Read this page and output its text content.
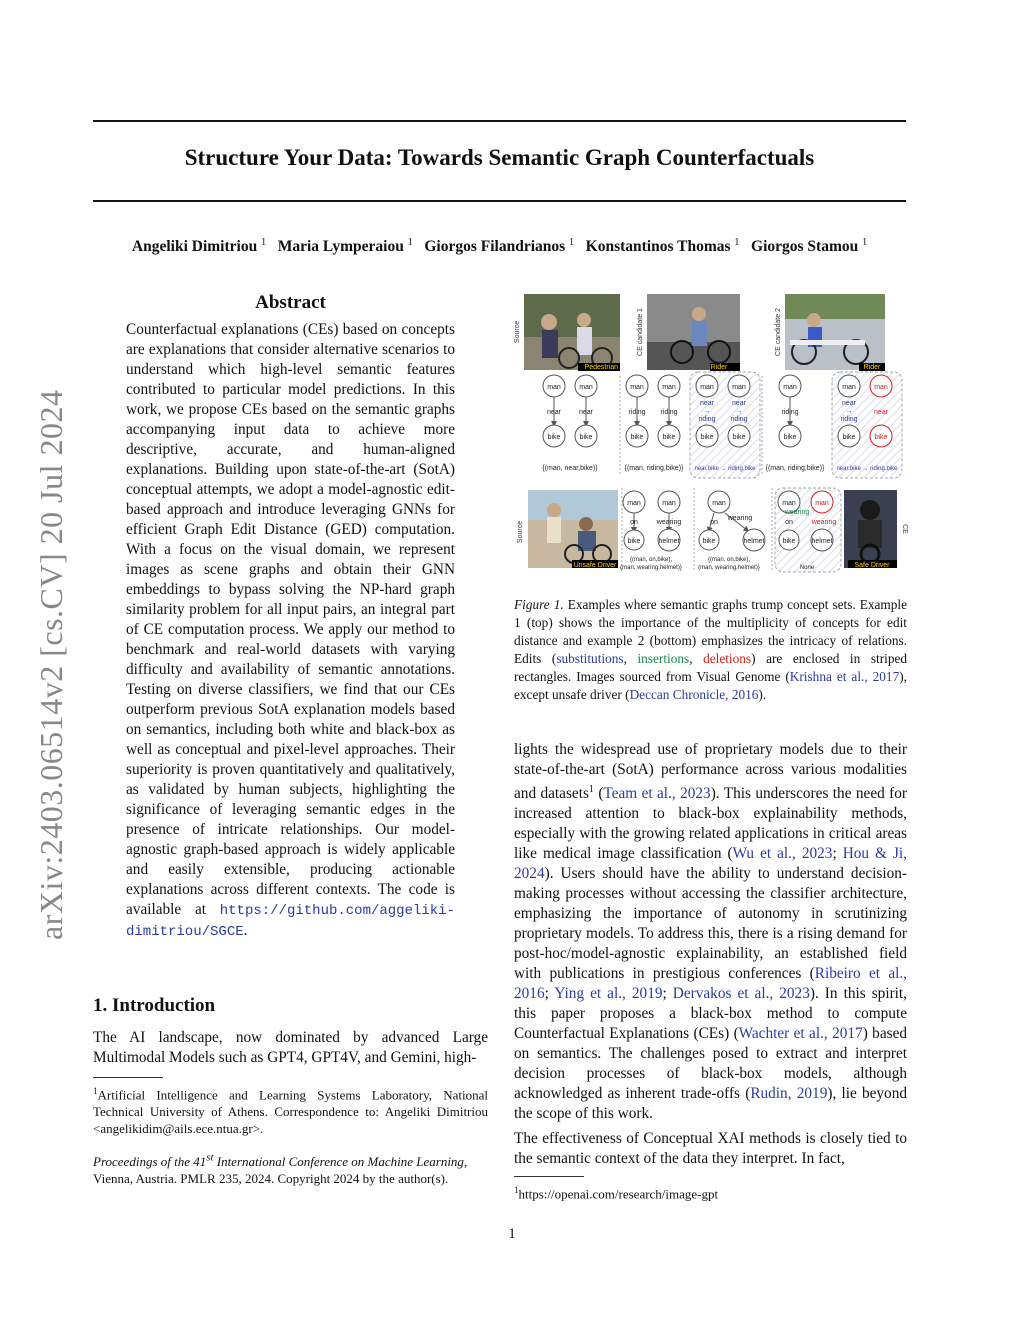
Structure Your Data: Towards Semantic Graph Counterfactuals
Angeliki Dimitriou $^1$ Maria Lymperaiou $^1$ Giorgos Filandrianos $^1$ Konstantinos Thomas $^1$ Giorgos Stamou $^1$
arXiv:2403.06514v2 [cs.CV] 20 Jul 2024
Abstract
Counterfactual explanations (CEs) based on concepts are explanations that consider alternative scenarios to understand which high-level semantic features contributed to particular model predictions. In this work, we propose CEs based on the semantic graphs accompanying input data to achieve more descriptive, accurate, and human-aligned explanations. Building upon state-of-the-art (SotA) conceptual attempts, we adopt a model-agnostic edit-based approach and introduce leveraging GNNs for efficient Graph Edit Distance (GED) computation. With a focus on the visual domain, we represent images as scene graphs and obtain their GNN embeddings to bypass solving the NP-hard graph similarity problem for all input pairs, an integral part of CE computation process. We apply our method to benchmark and real-world datasets with varying difficulty and availability of semantic annotations. Testing on diverse classifiers, we find that our CEs outperform previous SotA explanation models based on semantics, including both white and black-box as well as conceptual and pixel-level approaches. Their superiority is proven quantitatively and qualitatively, as validated by human subjects, highlighting the significance of leveraging semantic edges in the presence of intricate relationships. Our model-agnostic graph-based approach is widely applicable and easily extensible, producing actionable explanations across different contexts. The code is available at https://github.com/aggeliki-dimitriou/SGCE.
1. Introduction
The AI landscape, now dominated by advanced Large Multimodal Models such as GPT4, GPT4V, and Gemini, high-
$^1$Artificial Intelligence and Learning Systems Laboratory, National Technical University of Athens. Correspondence to: Angeliki Dimitriou <angelikidim@ails.ece.ntua.gr>.
Proceedings of the 41st International Conference on Machine Learning, Vienna, Austria. PMLR 235, 2024. Copyright 2024 by the author(s).
Pedestrian
Source
Rider
CE candidate 1
Rider
CE candidate 2
man	man
near	near
bike	bike
{(man, near,bike)}
man	man
riding riding
bike	bike
{(man, riding,bike)}
man	man
near
→
riding
near
→
riding
bike	bike
near.bike → riding.bike
man
riding
bike
{(man, riding,bike)}
man	man
near
→
riding
near
bike	bike
near.bike → riding.bike
Unsafe Driver
Source
man	man
on	wearing
bike	helmet
{(man, on,bike),
(man, wearing,helmet)}
man
on
wearing
bike	helmet
{(man, on,bike),
(man, wearing,helmet)}
man	man
wearing
on	wearing
bike helmet
None	Safe Driver
CE
Figure 1. Examples where semantic graphs trump concept sets. Example 1 (top) shows the importance of the multiplicity of concepts for edit distance and example 2 (bottom) emphasizes the intricacy of relations. Edits (substitutions, insertions, deletions) are enclosed in striped rectangles. Images sourced from Visual Genome (Krishna et al., 2017), except unsafe driver (Deccan Chronicle, 2016).
lights the widespread use of proprietary models due to their state-of-the-art (SotA) performance across various modalities and datasets$^1$ (Team et al., 2023). This underscores the need for increased attention to black-box explainability methods, especially with the growing related applications in critical areas like medical image classification (Wu et al., 2023; Hou & Ji, 2024). Users should have the ability to understand decision-making processes without accessing the classifier architecture, emphasizing the importance of autonomy in scrutinizing proprietary models. To address this, there is a rising demand for post-hoc/model-agnostic explainability, an established field with publications in prestigious conferences (Ribeiro et al., 2016; Ying et al., 2019; Dervakos et al., 2023). In this spirit, this paper proposes a black-box method to compute Counterfactual Explanations (CEs) (Wachter et al., 2017) based on semantics. The challenges posed to extract and interpret decision processes of black-box models, although acknowledged as inherent trade-offs (Rudin, 2019), lie beyond the scope of this work.
The effectiveness of Conceptual XAI methods is closely tied to the semantic context of the data they interpret. In fact,
$^1$https://openai.com/research/image-gpt
1
